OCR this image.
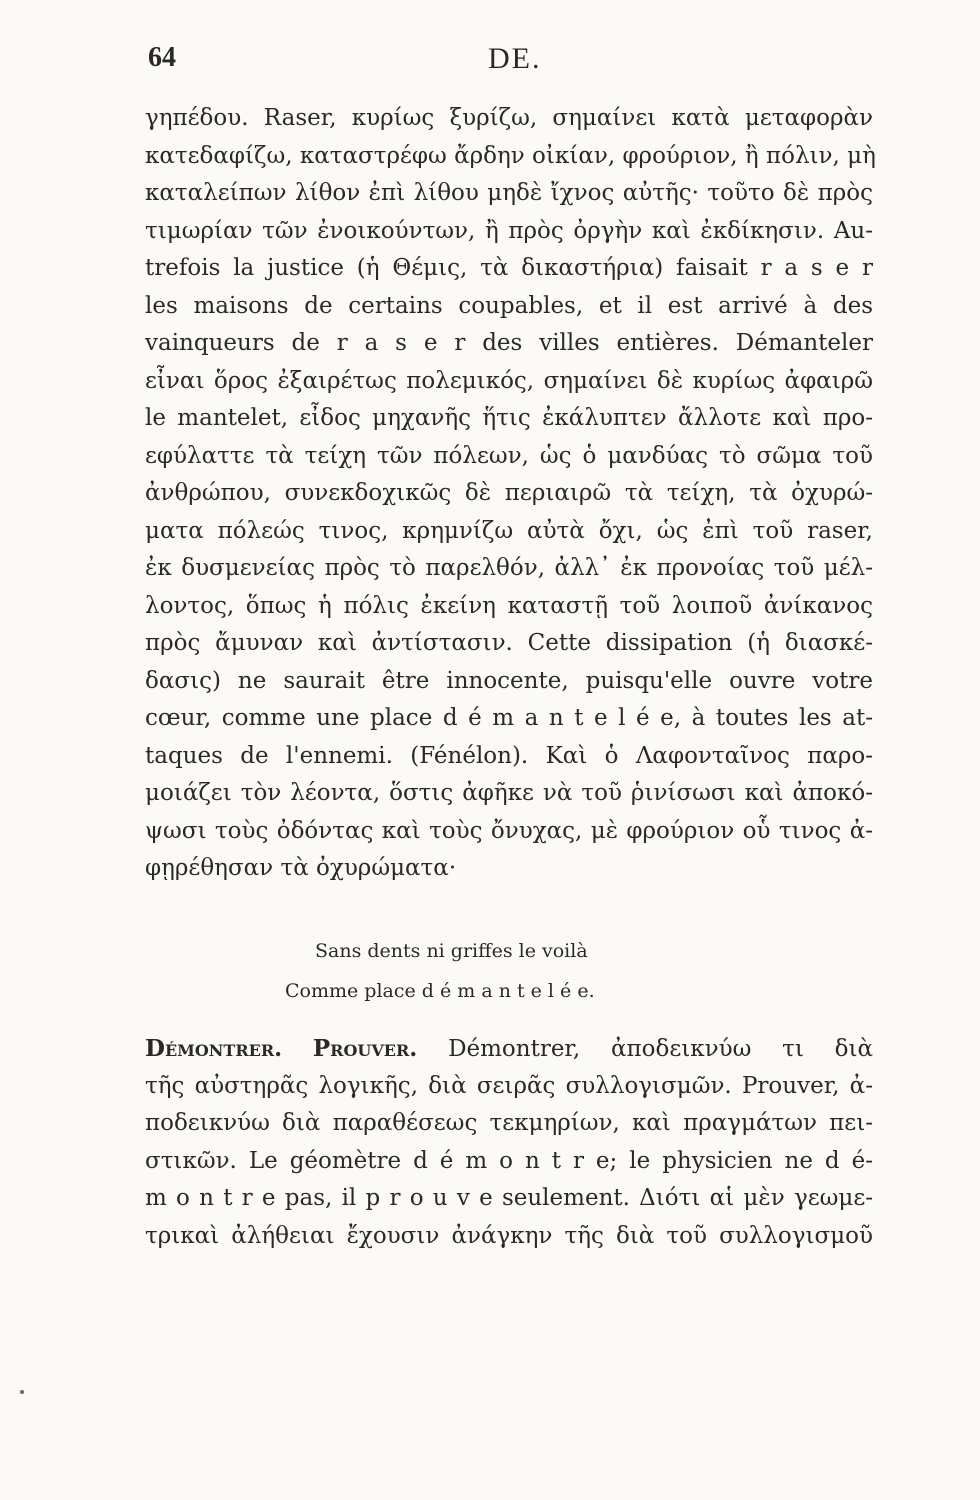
64	DE.
γηπέδου. Raser, κυρίως ξυρίζω, σημαίνει κατὰ μεταφορὰν
κατεδαφίζω, καταστρέφω ἄρδην οἰκίαν, φρούριον, ἢ πόλιν, μὴ
καταλείπων λίθον ἐπὶ λίθου μηδὲ ἴχνος αὐτῆς· τοῦτο δὲ πρὸς
τιμωρίαν τῶν ἐνοικούντων, ἢ πρὸς ὀργὴν καὶ ἐκδίκησιν. Au-
trefois la justice (ἡ Θέμις, τὰ δικαστήρια) faisait r a s e r
les maisons de certains coupables, et il est arrivé à des
vainqueurs de r a s e r des villes entières. Démanteler
εἶναι ὅρος ἐξαιρέτως πολεμικός, σημαίνει δὲ κυρίως ἀφαιρῶ
le mantelet, εἶδος μηχανῆς ἥτις ἐκάλυπτεν ἄλλοτε καὶ προ-
εφύλαττε τὰ τείχη τῶν πόλεων, ὡς ὁ μανδύας τὸ σῶμα τοῦ
ἀνθρώπου, συνεκδοχικῶς δὲ περιαιρῶ τὰ τείχη, τὰ ὀχυρώ-
ματα πόλεώς τινος, κρημνίζω αὐτὰ ὄχι, ὡς ἐπὶ τοῦ raser,
ἐκ δυσμενείας πρὸς τὸ παρελθόν, ἀλλ᾽ ἐκ προνοίας τοῦ μέλ-
λοντος, ὅπως ἡ πόλις ἐκείνη καταστῇ τοῦ λοιποῦ ἀνίκανος
πρὸς ἄμυναν καὶ ἀντίστασιν. Cette dissipation (ἡ διασκέ-
δασις) ne saurait être innocente, puisqu'elle ouvre votre
cœur, comme une place d é m a n t e l é e, à toutes les at-
taques de l'ennemi. (Fénélon). Καὶ ὁ Λαφονταῖνος παρο-
μοιάζει τὸν λέοντα, ὅστις ἀφῆκε νὰ τοῦ ῥινίσωσι καὶ ἀποκό-
ψωσι τοὺς ὀδόντας καὶ τοὺς ὄνυχας, μὲ φρούριον οὗ τινος ἀ-
φῃρέθησαν τὰ ὀχυρώματα·
Sans dents ni griffes le voilà
Comme place d é m a n t e l é e.
Démontrer. Prouver. Démontrer, ἀποδεικνύω τι διὰ
τῆς αὐστηρᾶς λογικῆς, διὰ σειρᾶς συλλογισμῶν. Prouver, ἀ-
ποδεικνύω διὰ παραθέσεως τεκμηρίων, καὶ πραγμάτων πει-
στικῶν. Le géomètre d é m o n t r e; le physicien ne d é-
m o n t r e pas, il p r o u v e seulement. Διότι αἱ μὲν γεωμε-
τρικαὶ ἀλήθειαι ἔχουσιν ἀνάγκην τῆς διὰ τοῦ συλλογισμοῦ
